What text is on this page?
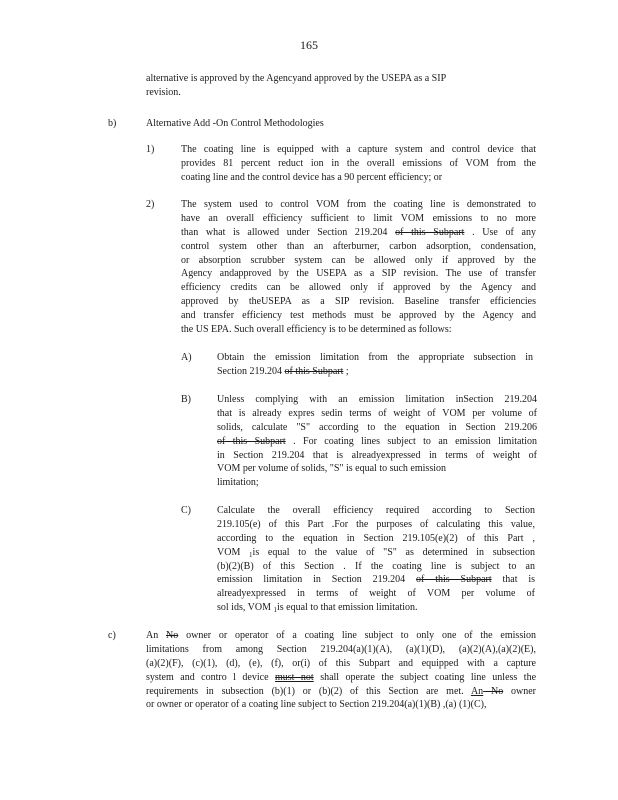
165
alternative is approved by the Agencyand approved by the USEPA as a SIP
revision.
b)	Alternative Add -On Control Methodologies
1)	The coating line is equipped with a capture system and control device that
provides 81 percent reduct ion in the overall emissions of VOM from the
coating line and the control device has a 90 percent efficiency; or
2)	The system used to control VOM from the coating line is demonstrated to
have an overall efficiency sufficient to limit VOM emissions to no more
than what is allowed under Section 219.204 of this Subpart . Use of any
control system other than an afterburner, carbon adsorption, condensation,
or absorption scrubber system can be allowed only if approved by the
Agency andapproved by the USEPA as a SIP revision. The use of transfer
efficiency credits can be allowed only if approved by the Agency and
approved by theUSEPA as a SIP revision. Baseline transfer efficiencies
and transfer efficiency test methods must be approved by the Agency and
the US EPA. Such overall efficiency is to be determined as follows:
A)	Obtain the emission limitation from the appropriate subsection in
Section 219.204 of this Subpart ;
B)	Unless complying with an emission limitation inSection 219.204
that is already expres sedin terms of weight of VOM per volume of
solids, calculate "S" according to the equation in Section 219.206
of this Subpart . For coating lines subject to an emission limitation
in Section 219.204 that is alreadyexpressed in terms of weight of
VOM per volume of solids, "S" is equal to such emission
limitation;
C)	Calculate the overall efficiency required according to Section
219.105(e) of this Part .For the purposes of calculating this value,
according to the equation in Section 219.105(e)(2) of this Part ,
VOM $_1$is equal to the value of "S" as determined in subsection
(b)(2)(B) of this Section . If the coating line is subject to an
emission limitation in Section 219.204 of this Subpart that is
alreadyexpressed in terms of weight of VOM per volume of
sol ids, VOM $_1$is equal to that emission limitation.
c)	An No owner or operator of a coating line subject to only one of the emission
limitations from among Section 219.204(a)(1)(A), (a)(1)(D), (a)(2)(A),(a)(2)(E),
(a)(2)(F), (c)(1), (d), (e), (f), or(i) of this Subpart and equipped with a capture
system and contro l device must not shall operate the subject coating line unless the
requirements in subsection (b)(1) or (b)(2) of this Section are met. An No owner
or owner or operator of a coating line subject to Section 219.204(a)(1)(B) ,(a) (1)(C),
